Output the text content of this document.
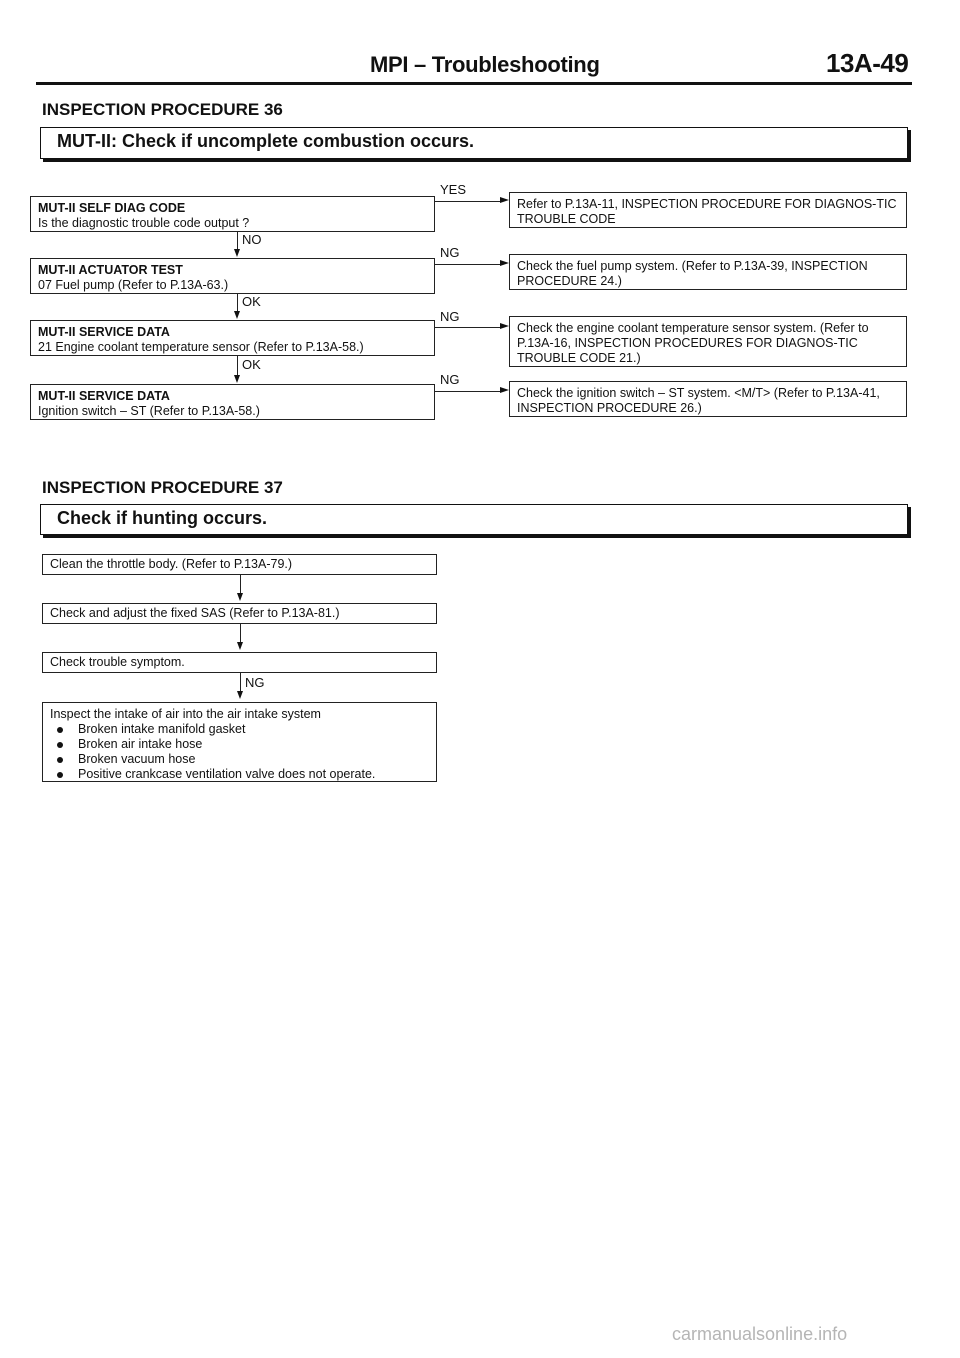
MPI – Troubleshooting	13A-49
INSPECTION PROCEDURE 36
MUT-II: Check if uncomplete combustion occurs.
MUT-II SELF DIAG CODE
Is the diagnostic trouble code output ?
YES
Refer to P.13A-11, INSPECTION PROCEDURE FOR DIAGNOS-TIC TROUBLE CODE
NO
MUT-II ACTUATOR TEST
07 Fuel pump (Refer to P.13A-63.)
NG
Check the fuel pump system. (Refer to P.13A-39, INSPECTION PROCEDURE 24.)
OK
MUT-II SERVICE DATA
21 Engine coolant temperature sensor (Refer to P.13A-58.)
NG
Check the engine coolant temperature sensor system. (Refer to P.13A-16, INSPECTION PROCEDURES FOR DIAGNOS-TIC TROUBLE CODE 21.)
OK
MUT-II SERVICE DATA
Ignition switch – ST (Refer to P.13A-58.)
NG
Check the ignition switch – ST system. <M/T> (Refer to P.13A-41, INSPECTION PROCEDURE 26.)
INSPECTION PROCEDURE 37
Check if hunting occurs.
Clean the throttle body. (Refer to P.13A-79.)
Check and adjust the fixed SAS (Refer to P.13A-81.)
Check trouble symptom.
NG
Inspect the intake of air into the air intake system
Broken intake manifold gasket
Broken air intake hose
Broken vacuum hose
Positive crankcase ventilation valve does not operate.
carmanualsonline.info
